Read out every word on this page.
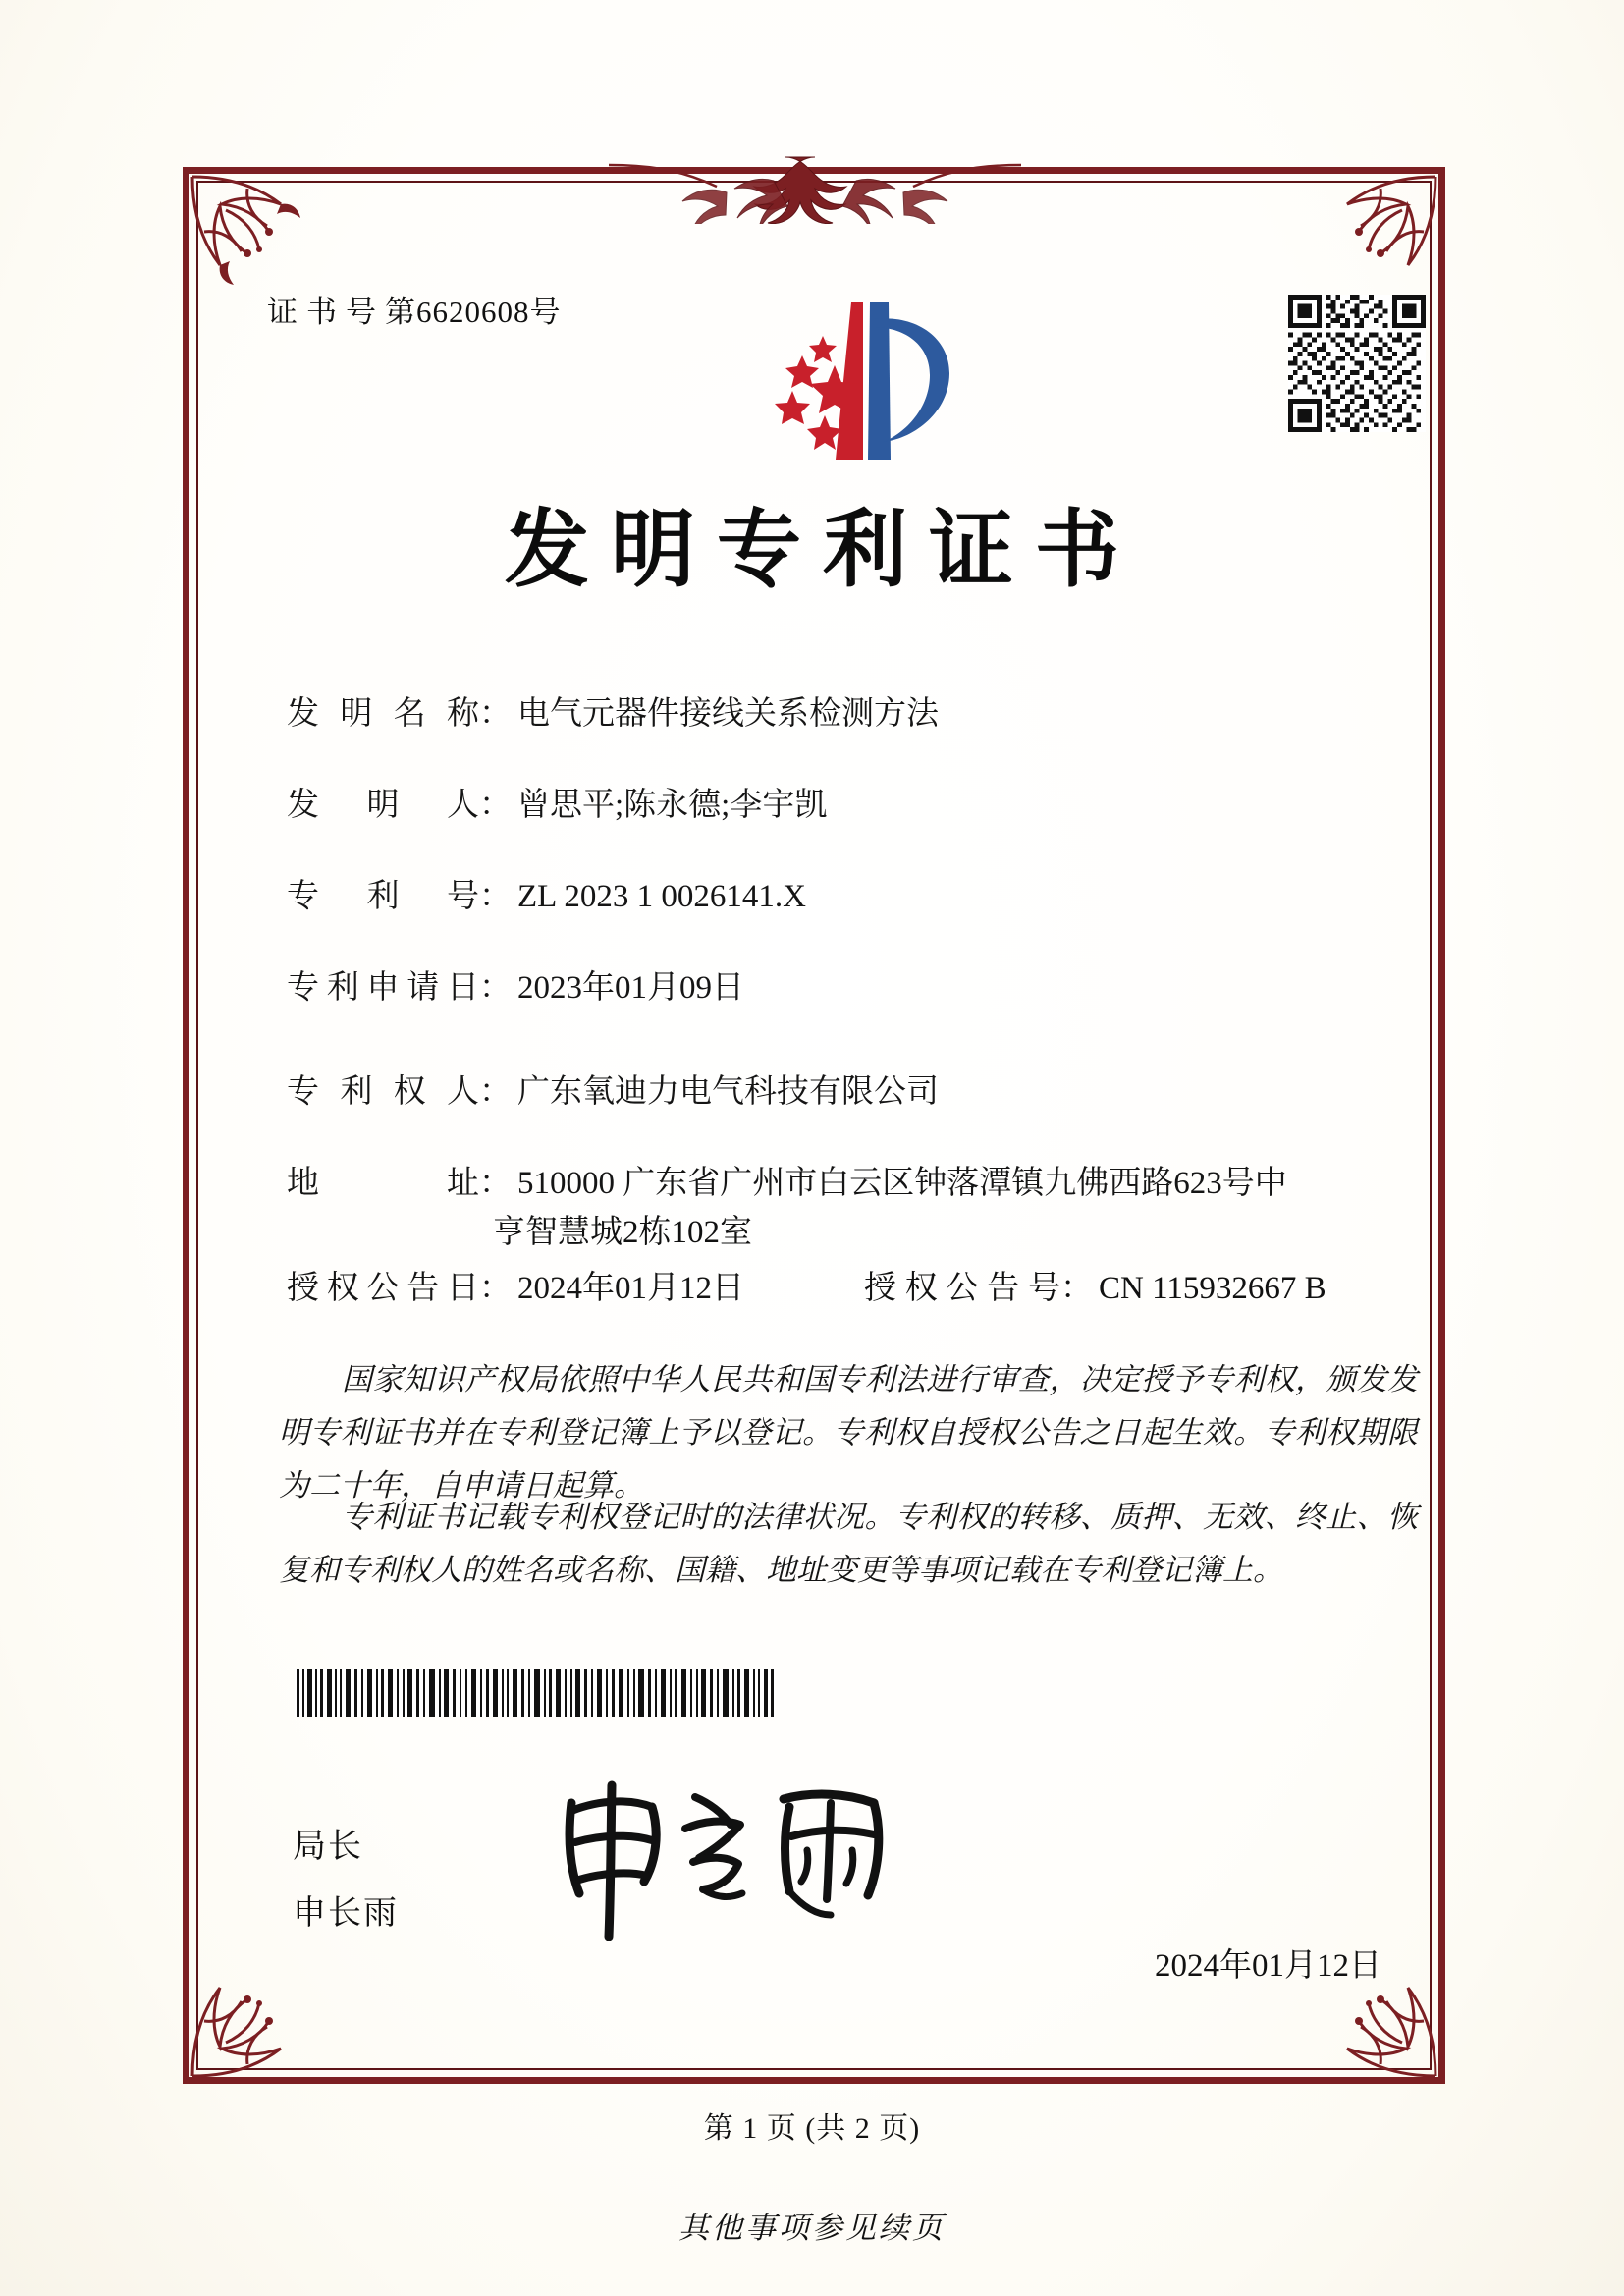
证书号第6620608号
发明专利证书
发明名称： 电气元器件接线关系检测方法
发明人： 曾思平;陈永德;李宇凯
专利号： ZL 2023 1 0026141.X
专利申请日： 2023年01月09日
专利权人： 广东氧迪力电气科技有限公司
地址： 510000 广东省广州市白云区钟落潭镇九佛西路623号中
亨智慧城2栋102室
授权公告日： 2024年01月12日	授权公告号： CN 115932667 B
国家知识产权局依照中华人民共和国专利法进行审查，决定授予专利权，颁发发明专利证书并在专利登记簿上予以登记。专利权自授权公告之日起生效。专利权期限为二十年，自申请日起算。
专利证书记载专利权登记时的法律状况。专利权的转移、质押、无效、终止、恢复和专利权人的姓名或名称、国籍、地址变更等事项记载在专利登记簿上。
局长
申长雨
2024年01月12日
第 1 页 (共 2 页)
其他事项参见续页
